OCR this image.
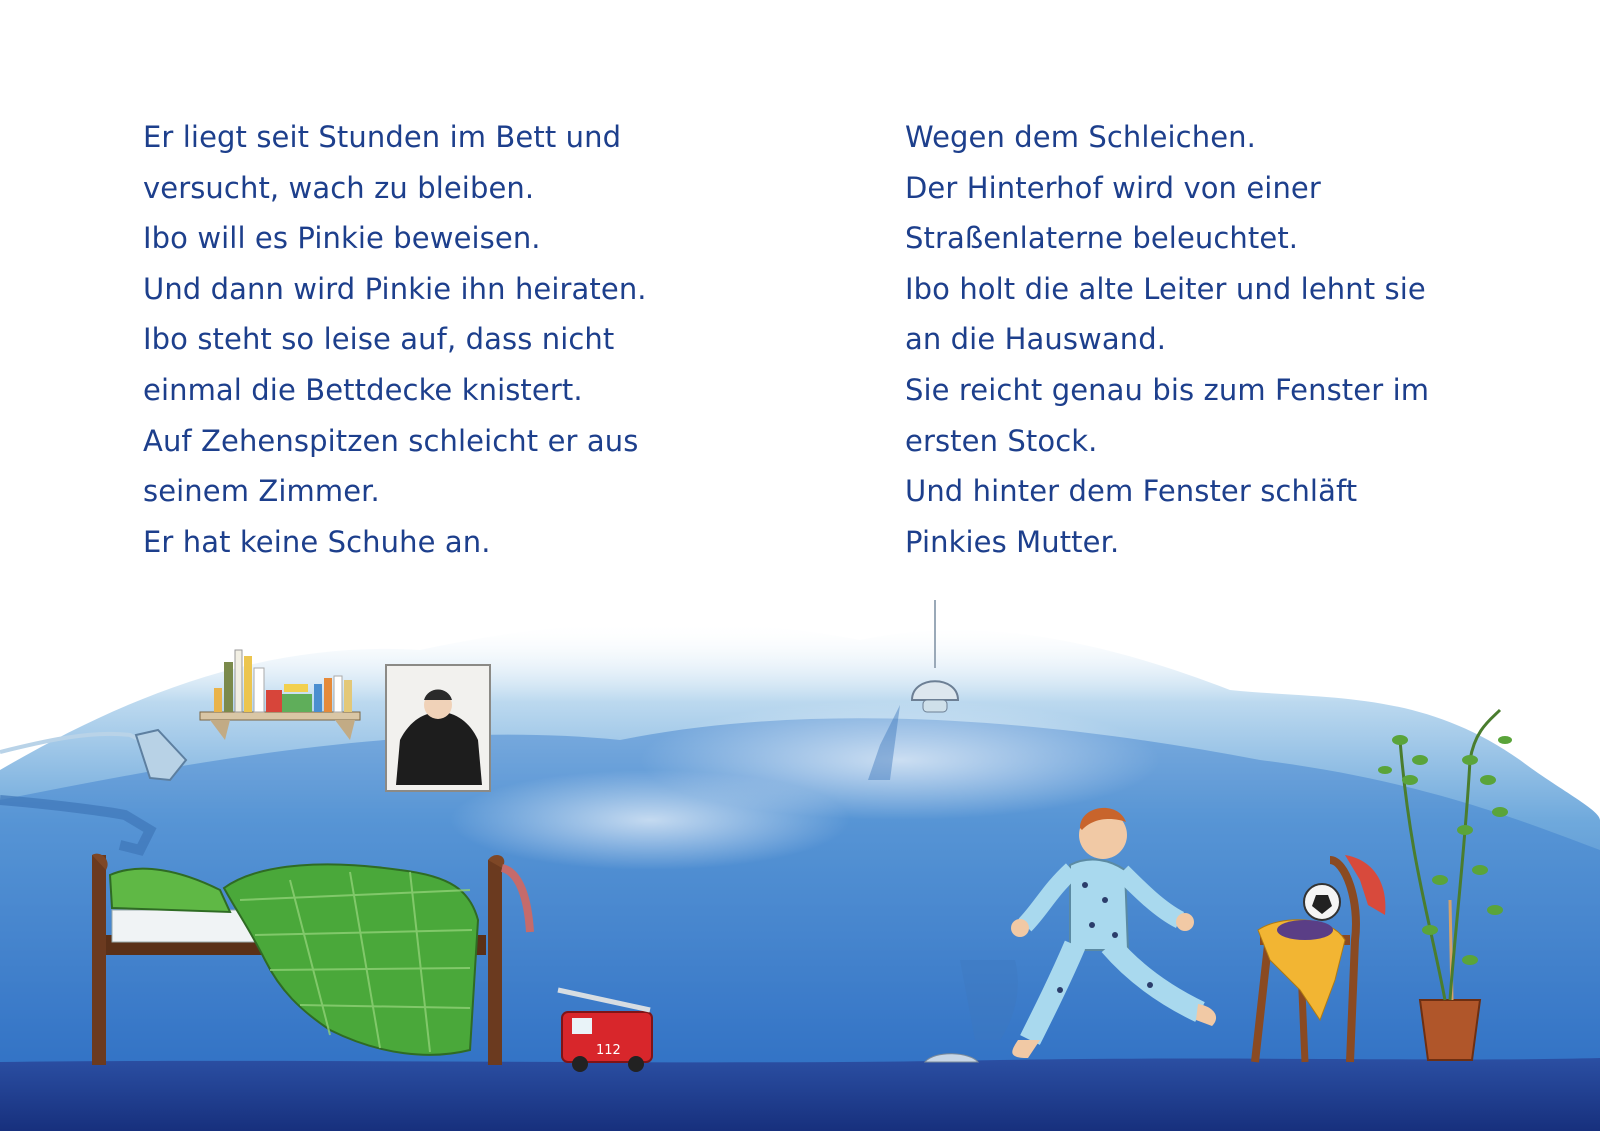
112
Er liegt seit Stunden im Bett und
versucht, wach zu bleiben.
Ibo will es Pinkie beweisen.
Und dann wird Pinkie ihn heiraten.
Ibo steht so leise auf, dass nicht
einmal die Bettdecke knistert.
Auf Zehenspitzen schleicht er aus
seinem Zimmer.
Er hat keine Schuhe an.
Wegen dem Schleichen.
Der Hinterhof wird von einer
Straßenlaterne beleuchtet.
Ibo holt die alte Leiter und lehnt sie
an die Hauswand.
Sie reicht genau bis zum Fenster im
ersten Stock.
Und hinter dem Fenster schläft
Pinkies Mutter.
